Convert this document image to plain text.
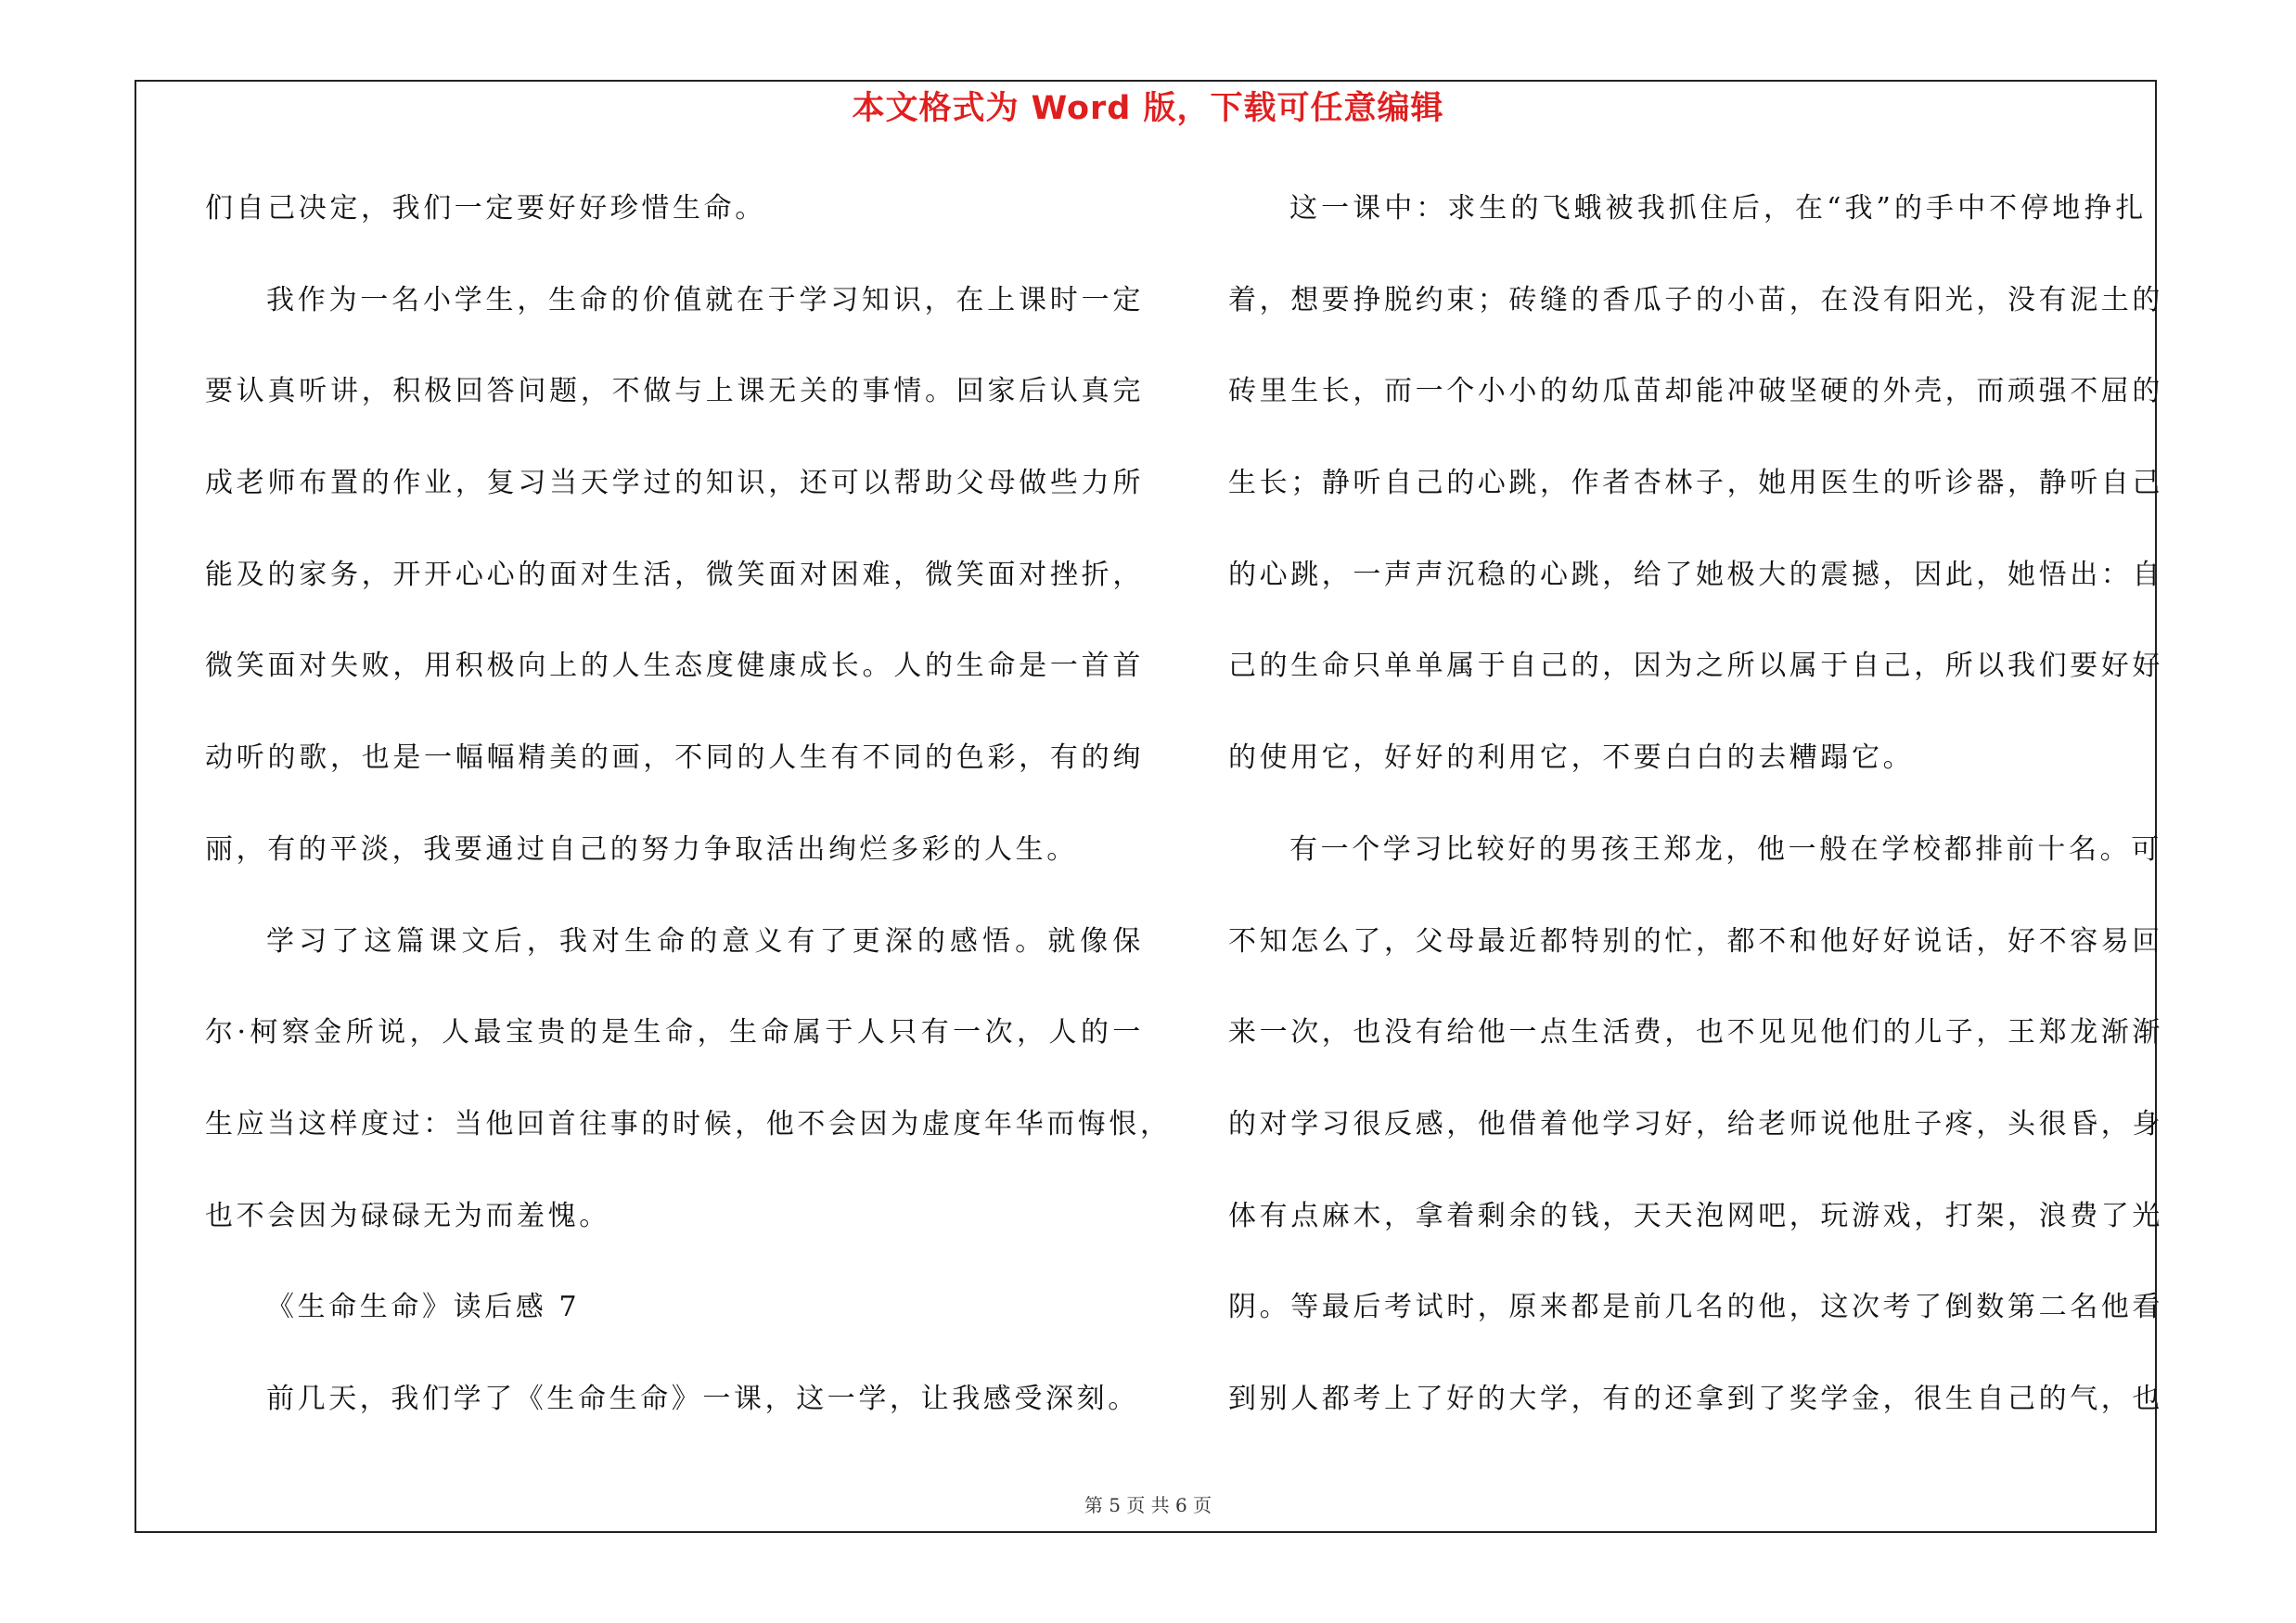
本文格式为 Word 版，下载可任意编辑
们自己决定，我们一定要好好珍惜生命。
我作为一名小学生，生命的价值就在于学习知识，在上课时一定
要认真听讲，积极回答问题，不做与上课无关的事情。回家后认真完
成老师布置的作业，复习当天学过的知识，还可以帮助父母做些力所
能及的家务，开开心心的面对生活，微笑面对困难，微笑面对挫折，
微笑面对失败，用积极向上的人生态度健康成长。人的生命是一首首
动听的歌，也是一幅幅精美的画，不同的人生有不同的色彩，有的绚
丽，有的平淡，我要通过自己的努力争取活出绚烂多彩的人生。
学习了这篇课文后，我对生命的意义有了更深的感悟。就像保
尔·柯察金所说，人最宝贵的是生命，生命属于人只有一次，人的一
生应当这样度过：当他回首往事的时候，他不会因为虚度年华而悔恨，
也不会因为碌碌无为而羞愧。
《生命生命》读后感 7
前几天，我们学了《生命生命》一课，这一学，让我感受深刻。
这一课中：求生的飞蛾被我抓住后，在“我”的手中不停地挣扎
着，想要挣脱约束；砖缝的香瓜子的小苗，在没有阳光，没有泥土的
砖里生长，而一个小小的幼瓜苗却能冲破坚硬的外壳，而顽强不屈的
生长；静听自己的心跳，作者杏林子，她用医生的听诊器，静听自己
的心跳，一声声沉稳的心跳，给了她极大的震撼，因此，她悟出：自
己的生命只单单属于自己的，因为之所以属于自己，所以我们要好好
的使用它，好好的利用它，不要白白的去糟蹋它。
有一个学习比较好的男孩王郑龙，他一般在学校都排前十名。可
不知怎么了，父母最近都特别的忙，都不和他好好说话，好不容易回
来一次，也没有给他一点生活费，也不见见他们的儿子，王郑龙渐渐
的对学习很反感，他借着他学习好，给老师说他肚子疼，头很昏，身
体有点麻木，拿着剩余的钱，天天泡网吧，玩游戏，打架，浪费了光
阴。等最后考试时，原来都是前几名的他，这次考了倒数第二名他看
到别人都考上了好的大学，有的还拿到了奖学金，很生自己的气，也
第 5 页 共 6 页
